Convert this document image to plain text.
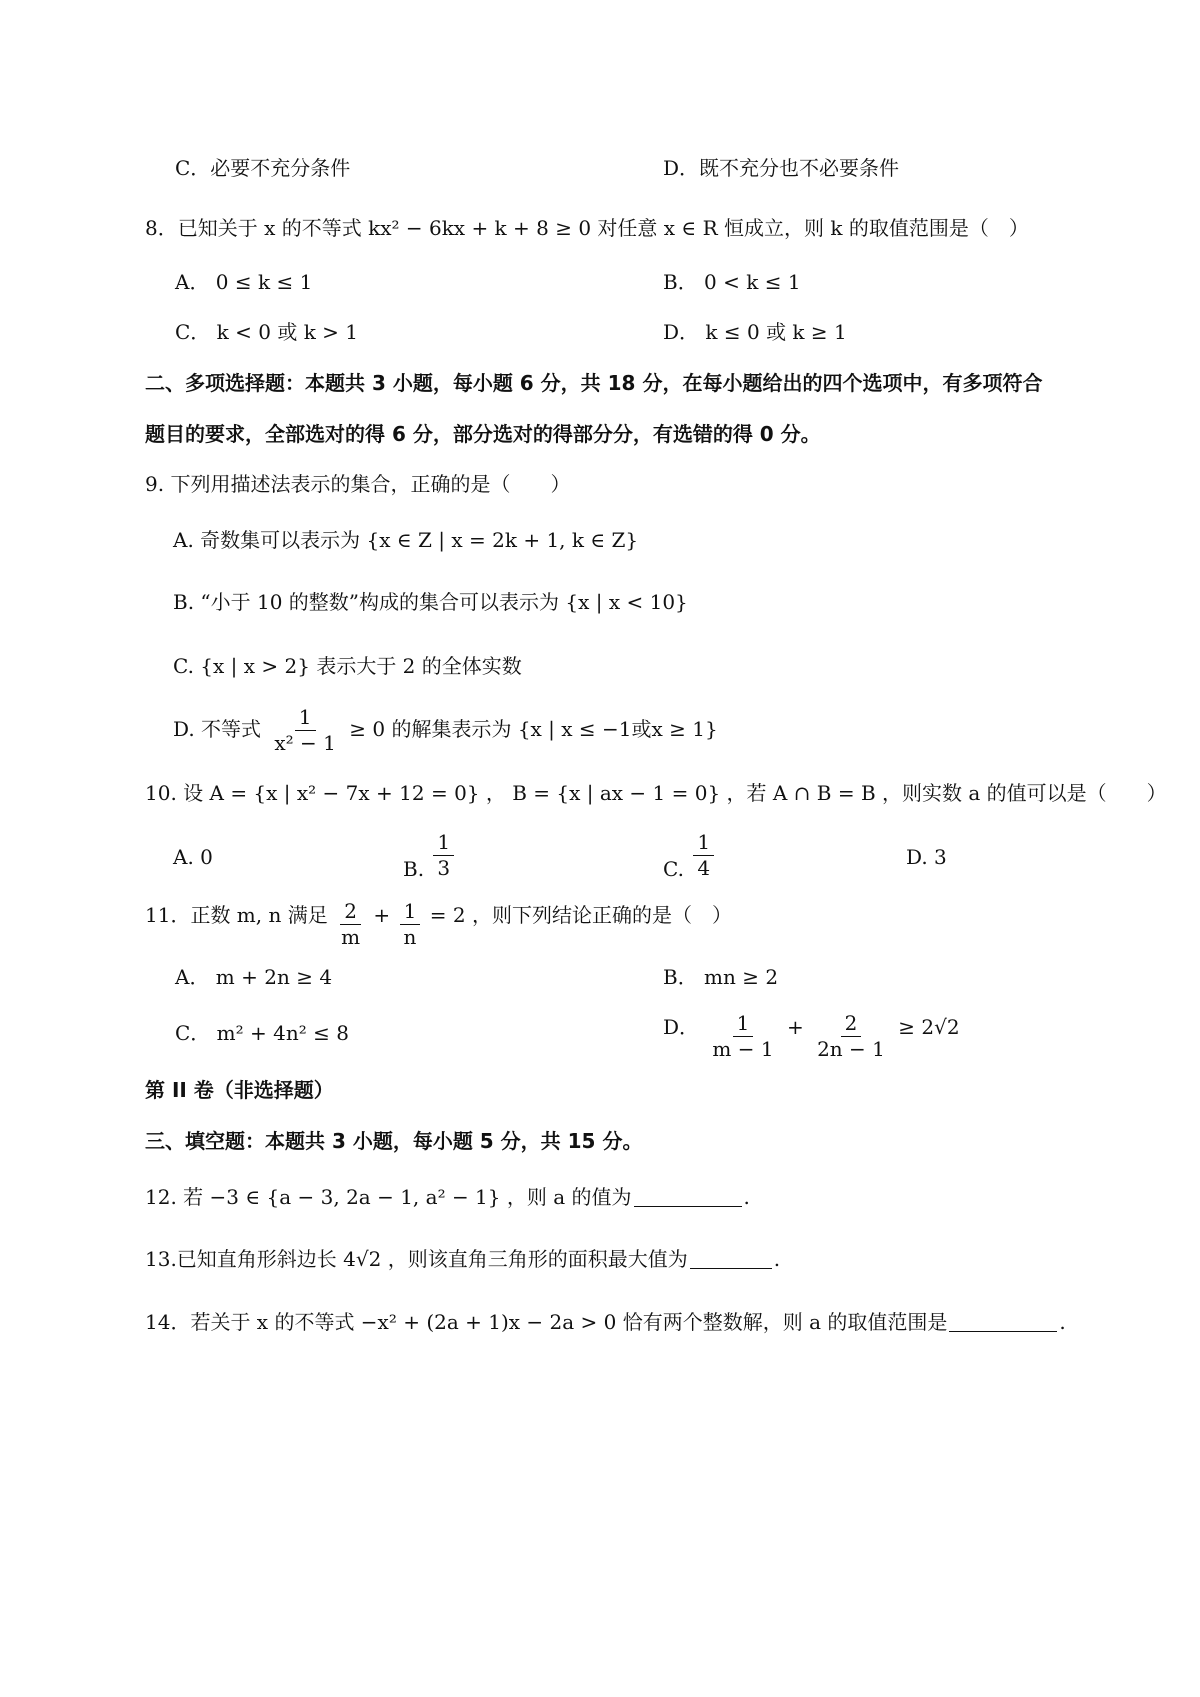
C．必要不充分条件	D．既不充分也不必要条件
8．已知关于 x 的不等式 kx² − 6kx + k + 8 ≥ 0 对任意 x ∈ R 恒成立，则 k 的取值范围是（　）
A． 0 ≤ k ≤ 1	B． 0 < k ≤ 1
C． k < 0 或 k > 1	D． k ≤ 0 或 k ≥ 1
二、多项选择题：本题共 3 小题，每小题 6 分，共 18 分，在每小题给出的四个选项中，有多项符合
题目的要求，全部选对的得 6 分，部分选对的得部分分，有选错的得 0 分。
9. 下列用描述法表示的集合，正确的是（　　）
A. 奇数集可以表示为 {x ∈ Z | x = 2k + 1, k ∈ Z}
B. “小于 10 的整数”构成的集合可以表示为 {x | x < 10}
C. {x | x > 2} 表示大于 2 的全体实数
D. 不等式 $\frac{1}{\text{x² − 1}} \ge 0$ 的解集表示为 {x | x ≤ −1或x ≥ 1}
10. 设 A = {x | x² − 7x + 12 = 0} ， B = {x | ax − 1 = 0} ，若 A ∩ B = B ，则实数 a 的值可以是（　　）
A. 0	B. $\frac{1}{3}$	C. $\frac{1}{4}$	D. 3
11．正数 m, n 满足 $\frac{2}{m} + \frac{1}{n} = 2$ ，则下列结论正确的是（　）
A． m + 2n ≥ 4	B． mn ≥ 2
C． m² + 4n² ≤ 8	D． $\frac{1}{m - 1} + \frac{2}{2n - 1} \ge 2√2$
第 II 卷（非选择题）
三、填空题：本题共 3 小题，每小题 5 分，共 15 分。
12. 若 −3 ∈ {a − 3, 2a − 1, a² − 1} ，则 a 的值为	.
13.已知直角形斜边长 4√2 ，则该直角三角形的面积最大值为	.
14．若关于 x 的不等式 −x² + (2a + 1)x − 2a > 0 恰有两个整数解，则 a 的取值范围是	.
